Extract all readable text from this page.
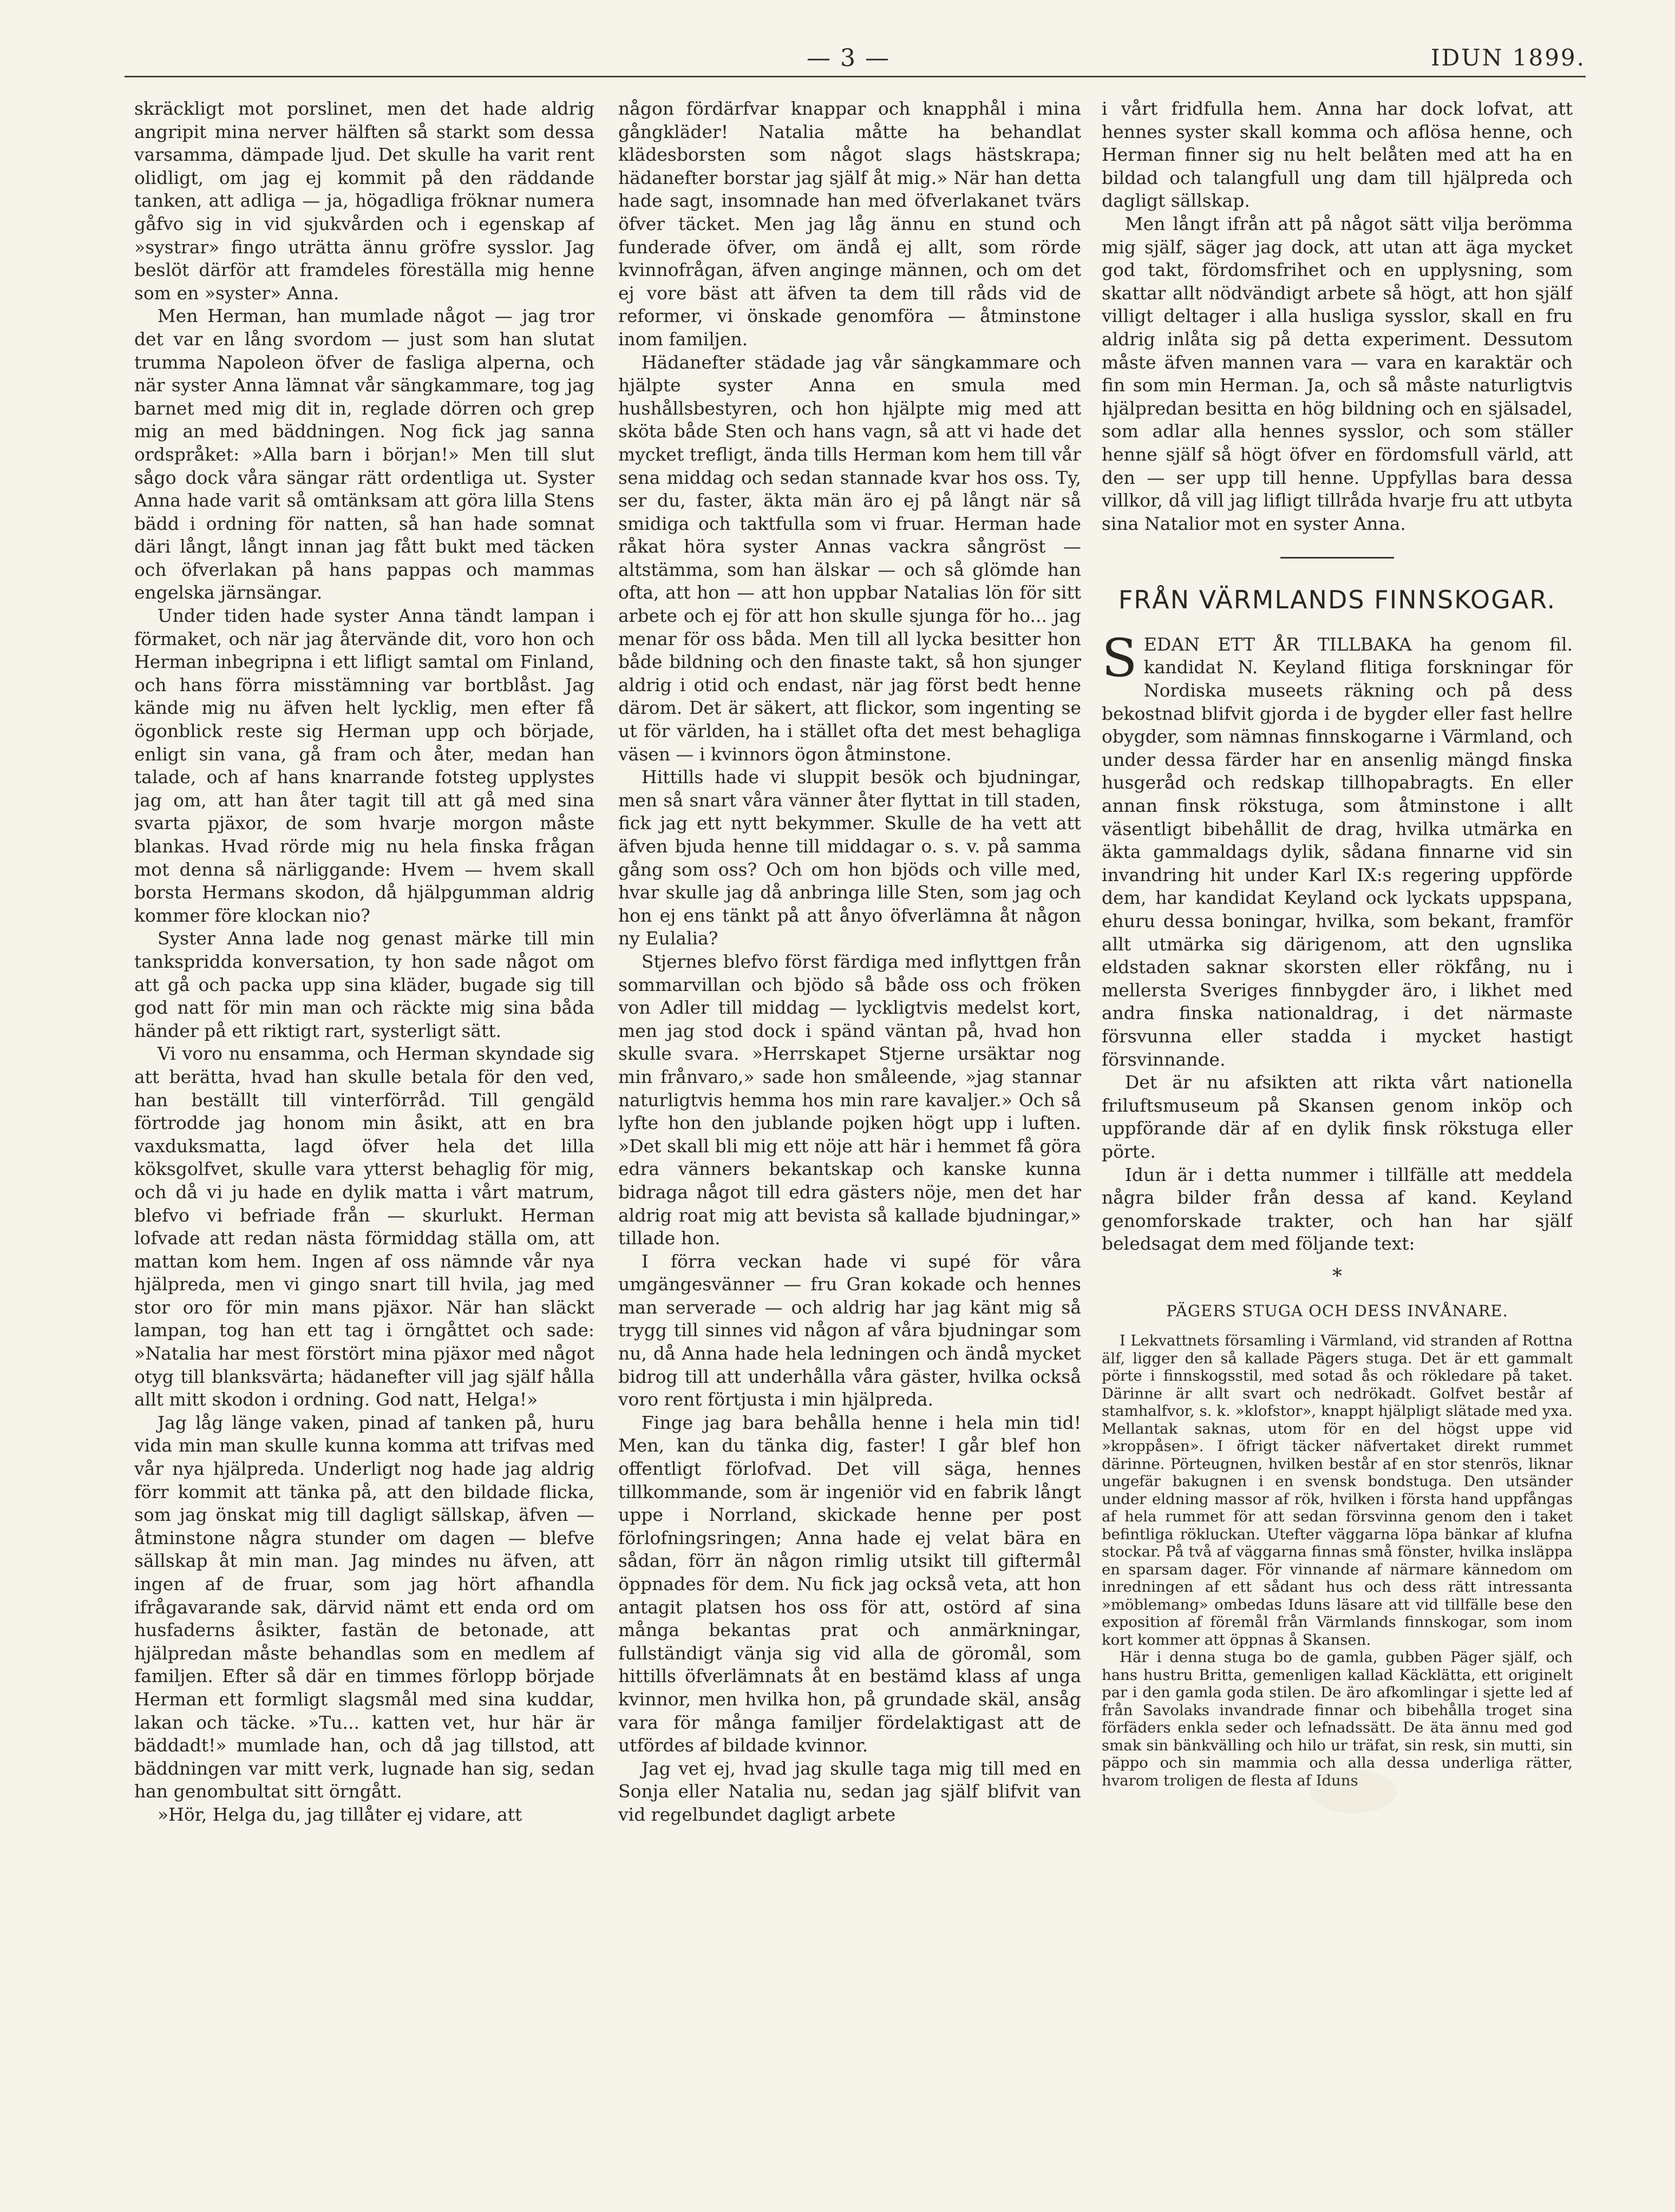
— 3 —	IDUN 1899.

skräckligt mot porslinet, men det hade aldrig angripit mina nerver hälften så starkt som dessa varsamma, dämpade ljud. Det skulle ha varit rent olidligt, om jag ej kommit på den räddande tanken, att adliga — ja, högadliga fröknar numera gåfvo sig in vid sjukvården och i egenskap af »systrar» fingo uträtta ännu gröfre sysslor. Jag beslöt därför att framdeles föreställa mig henne som en »syster» Anna.

Men Herman, han mumlade något — jag tror det var en lång svordom — just som han slutat trumma Napoleon öfver de fasliga alperna, och när syster Anna lämnat vår sängkammare, tog jag barnet med mig dit in, reglade dörren och grep mig an med bäddningen. Nog fick jag sanna ordspråket: »Alla barn i början!» Men till slut sågo dock våra sängar rätt ordentliga ut. Syster Anna hade varit så omtänksam att göra lilla Stens bädd i ordning för natten, så han hade somnat däri långt, långt innan jag fått bukt med täcken och öfverlakan på hans pappas och mammas engelska järnsängar.

Under tiden hade syster Anna tändt lampan i förmaket, och när jag återvände dit, voro hon och Herman inbegripna i ett lifligt samtal om Finland, och hans förra misstämning var bortblåst. Jag kände mig nu äfven helt lycklig, men efter få ögonblick reste sig Herman upp och började, enligt sin vana, gå fram och åter, medan han talade, och af hans knarrande fotsteg upplystes jag om, att han åter tagit till att gå med sina svarta pjäxor, de som hvarje morgon måste blankas. Hvad rörde mig nu hela finska frågan mot denna så närliggande: Hvem — hvem skall borsta Hermans skodon, då hjälpgumman aldrig kommer före klockan nio?

Syster Anna lade nog genast märke till min tankspridda konversation, ty hon sade något om att gå och packa upp sina kläder, bugade sig till god natt för min man och räckte mig sina båda händer på ett riktigt rart, systerligt sätt.

Vi voro nu ensamma, och Herman skyndade sig att berätta, hvad han skulle betala för den ved, han beställt till vinterförråd. Till gengäld förtrodde jag honom min åsikt, att en bra vaxduksmatta, lagd öfver hela det lilla köksgolfvet, skulle vara ytterst behaglig för mig, och då vi ju hade en dylik matta i vårt matrum, blefvo vi befriade från — skurlukt. Herman lofvade att redan nästa förmiddag ställa om, att mattan kom hem. Ingen af oss nämnde vår nya hjälpreda, men vi gingo snart till hvila, jag med stor oro för min mans pjäxor. När han släckt lampan, tog han ett tag i örngåttet och sade: »Natalia har mest förstört mina pjäxor med något otyg till blanksvärta; hädanefter vill jag själf hålla allt mitt skodon i ordning. God natt, Helga!»

Jag låg länge vaken, pinad af tanken på, huru vida min man skulle kunna komma att trifvas med vår nya hjälpreda. Underligt nog hade jag aldrig förr kommit att tänka på, att den bildade flicka, som jag önskat mig till dagligt sällskap, äfven — åtminstone några stunder om dagen — blefve sällskap åt min man. Jag mindes nu äfven, att ingen af de fruar, som jag hört afhandla ifrågavarande sak, därvid nämt ett enda ord om husfaderns åsikter, fastän de betonade, att hjälpredan måste behandlas som en medlem af familjen. Efter så där en timmes förlopp började Herman ett formligt slagsmål med sina kuddar, lakan och täcke. »Tu... katten vet, hur här är bäddadt!» mumlade han, och då jag tillstod, att bäddningen var mitt verk, lugnade han sig, sedan han genombultat sitt örngått.

»Hör, Helga du, jag tillåter ej vidare, att

någon fördärfvar knappar och knapphål i mina gångkläder! Natalia måtte ha behandlat klädesborsten som något slags hästskrapa; hädanefter borstar jag själf åt mig.» När han detta hade sagt, insomnade han med öfverlakanet tvärs öfver täcket. Men jag låg ännu en stund och funderade öfver, om ändå ej allt, som rörde kvinnofrågan, äfven anginge männen, och om det ej vore bäst att äfven ta dem till råds vid de reformer, vi önskade genomföra — åtminstone inom familjen.

Hädanefter städade jag vår sängkammare och hjälpte syster Anna en smula med hushållsbestyren, och hon hjälpte mig med att sköta både Sten och hans vagn, så att vi hade det mycket trefligt, ända tills Herman kom hem till vår sena middag och sedan stannade kvar hos oss. Ty, ser du, faster, äkta män äro ej på långt när så smidiga och taktfulla som vi fruar. Herman hade råkat höra syster Annas vackra sångröst — altstämma, som han älskar — och så glömde han ofta, att hon — att hon uppbar Natalias lön för sitt arbete och ej för att hon skulle sjunga för ho... jag menar för oss båda. Men till all lycka besitter hon både bildning och den finaste takt, så hon sjunger aldrig i otid och endast, när jag först bedt henne därom. Det är säkert, att flickor, som ingenting se ut för världen, ha i stället ofta det mest behagliga väsen — i kvinnors ögon åtminstone.

Hittills hade vi sluppit besök och bjudningar, men så snart våra vänner åter flyttat in till staden, fick jag ett nytt bekymmer. Skulle de ha vett att äfven bjuda henne till middagar o. s. v. på samma gång som oss? Och om hon bjöds och ville med, hvar skulle jag då anbringa lille Sten, som jag och hon ej ens tänkt på att ånyo öfverlämna åt någon ny Eulalia?

Stjernes blefvo först färdiga med inflyttgen från sommarvillan och bjödo så både oss och fröken von Adler till middag — lyckligtvis medelst kort, men jag stod dock i spänd väntan på, hvad hon skulle svara. »Herrskapet Stjerne ursäktar nog min frånvaro,» sade hon småleende, »jag stannar naturligtvis hemma hos min rare kavaljer.» Och så lyfte hon den jublande pojken högt upp i luften. »Det skall bli mig ett nöje att här i hemmet få göra edra vänners bekantskap och kanske kunna bidraga något till edra gästers nöje, men det har aldrig roat mig att bevista så kallade bjudningar,» tillade hon.

I förra veckan hade vi supé för våra umgängesvänner — fru Gran kokade och hennes man serverade — och aldrig har jag känt mig så trygg till sinnes vid någon af våra bjudningar som nu, då Anna hade hela ledningen och ändå mycket bidrog till att underhålla våra gäster, hvilka också voro rent förtjusta i min hjälpreda.

Finge jag bara behålla henne i hela min tid! Men, kan du tänka dig, faster! I går blef hon offentligt förlofvad. Det vill säga, hennes tillkommande, som är ingeniör vid en fabrik långt uppe i Norrland, skickade henne per post förlofningsringen; Anna hade ej velat bära en sådan, förr än någon rimlig utsikt till giftermål öppnades för dem. Nu fick jag också veta, att hon antagit platsen hos oss för att, ostörd af sina många bekantas prat och anmärkningar, fullständigt vänja sig vid alla de göromål, som hittills öfverlämnats åt en bestämd klass af unga kvinnor, men hvilka hon, på grundade skäl, ansåg vara för många familjer fördelaktigast att de utfördes af bildade kvinnor.

Jag vet ej, hvad jag skulle taga mig till med en Sonja eller Natalia nu, sedan jag själf blifvit van vid regelbundet dagligt arbete

i vårt fridfulla hem. Anna har dock lofvat, att hennes syster skall komma och aflösa henne, och Herman finner sig nu helt belåten med att ha en bildad och talangfull ung dam till hjälpreda och dagligt sällskap.

Men långt ifrån att på något sätt vilja berömma mig själf, säger jag dock, att utan att äga mycket god takt, fördomsfrihet och en upplysning, som skattar allt nödvändigt arbete så högt, att hon själf villigt deltager i alla husliga sysslor, skall en fru aldrig inlåta sig på detta experiment. Dessutom måste äfven mannen vara — vara en karaktär och fin som min Herman. Ja, och så måste naturligtvis hjälpredan besitta en hög bildning och en själsadel, som adlar alla hennes sysslor, och som ställer henne själf så högt öfver en fördomsfull värld, att den — ser upp till henne. Uppfyllas bara dessa villkor, då vill jag lifligt tillråda hvarje fru att utbyta sina Natalior mot en syster Anna.

FRÅN VÄRMLANDS FINNSKOGAR.

SEDAN ETT ÅR TILLBAKA ha genom fil. kandidat N. Keyland flitiga forskningar för Nordiska museets räkning och på dess bekostnad blifvit gjorda i de bygder eller fast hellre obygder, som nämnas finnskogarne i Värmland, och under dessa färder har en ansenlig mängd finska husgeråd och redskap tillhopabragts. En eller annan finsk rökstuga, som åtminstone i allt väsentligt bibehållit de drag, hvilka utmärka en äkta gammaldags dylik, sådana finnarne vid sin invandring hit under Karl IX:s regering uppförde dem, har kandidat Keyland ock lyckats uppspana, ehuru dessa boningar, hvilka, som bekant, framför allt utmärka sig därigenom, att den ugnslika eldstaden saknar skorsten eller rökfång, nu i mellersta Sveriges finnbygder äro, i likhet med andra finska nationaldrag, i det närmaste försvunna eller stadda i mycket hastigt försvinnande.

Det är nu afsikten att rikta vårt nationella friluftsmuseum på Skansen genom inköp och uppförande där af en dylik finsk rökstuga eller pörte.

Idun är i detta nummer i tillfälle att meddela några bilder från dessa af kand. Keyland genomforskade trakter, och han har själf beledsagat dem med följande text:

*
PÄGERS STUGA OCH DESS INVÅNARE.

I Lekvattnets församling i Värmland, vid stranden af Rottna älf, ligger den så kallade Pägers stuga. Det är ett gammalt pörte i finnskogsstil, med sotad ås och rökledare på taket. Därinne är allt svart och nedrökadt. Golfvet består af stamhalfvor, s. k. »klofstor», knappt hjälpligt slätade med yxa. Mellantak saknas, utom för en del högst uppe vid »kroppåsen». I öfrigt täcker näfvertaket direkt rummet därinne. Pörteugnen, hvilken består af en stor stenrös, liknar ungefär bakugnen i en svensk bondstuga. Den utsänder under eldning massor af rök, hvilken i första hand uppfångas af hela rummet för att sedan försvinna genom den i taket befintliga rökluckan. Utefter väggarna löpa bänkar af klufna stockar. På två af väggarna finnas små fönster, hvilka insläppa en sparsam dager. För vinnande af närmare kännedom om inredningen af ett sådant hus och dess rätt intressanta »möblemang» ombedas Iduns läsare att vid tillfälle bese den exposition af föremål från Värmlands finnskogar, som inom kort kommer att öppnas å Skansen.

Här i denna stuga bo de gamla, gubben Päger själf, och hans hustru Britta, gemenligen kallad Käcklätta, ett originelt par i den gamla goda stilen. De äro afkomlingar i sjette led af från Savolaks invandrade finnar och bibehålla troget sina förfäders enkla seder och lefnadssätt. De äta ännu med god smak sin bänkvälling och hilo ur träfat, sin resk, sin mutti, sin päppo och sin mammia och alla dessa underliga rätter, hvarom troligen de flesta af Iduns
